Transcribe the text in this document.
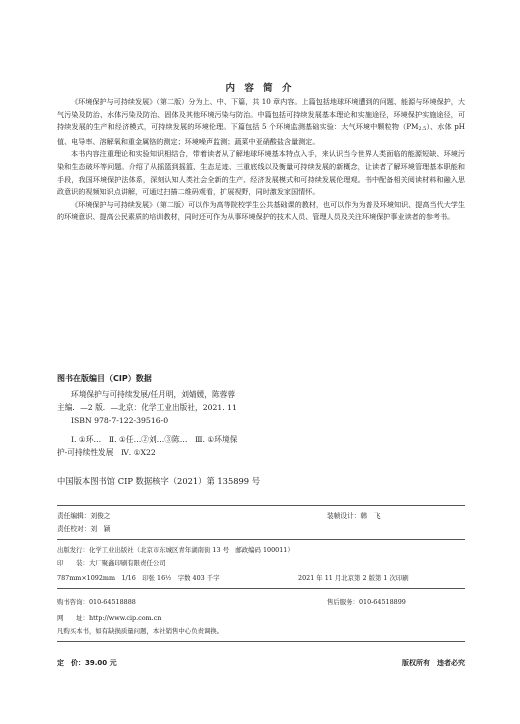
内 容 简 介

《环境保护与可持续发展》（第二版）分为上、中、下篇，共 10 章内容。上篇包括地球环境遭到的问题、能源与环境保护，大气污染及防治、水体污染及防治、固体及其他环境污染与防治。中篇包括可持续发展基本理论和实施途径，环境保护实施途径，可持续发展的生产和经济模式，可持续发展的环境伦理。下篇包括 5 个环境监测基础实验：大气环境中颗粒物$(PM_{2.5})$、水体 pH 值、电导率、溶解氧和重金属铬的测定；环境噪声监测；蔬菜中亚硝酸盐含量测定。

本书内容注重理论和实验知识相结合，带着读者从了解地球环境基本特点入手，来认识当今世界人类面临的能源短缺、环境污染和生态破坏等问题。介绍了从摇篮到摇篮、生态足迹、三重底线以及衡量可持续发展的新概念，让读者了解环境管理基本职能和手段，我国环境保护法体系，深刻认知人类社会全新的生产、经济发展模式和可持续发展伦理观。书中配备相关阅读材料和融入思政意识的视频知识点讲解，可通过扫描二维码观看，扩展视野，同时激发家国情怀。

《环境保护与可持续发展》（第二版）可以作为高等院校学生公共基础课的教材，也可以作为为普及环境知识、提高当代大学生的环境意识、提高公民素质的培训教材，同时还可作为从事环境保护的技术人员、管理人员及关注环境保护事业读者的参考书。

图书在版编目（CIP）数据
环境保护与可持续发展/任月明，刘婧媛，陈蓉蓉
主编．—2 版．—北京：化学工业出版社，2021. 11
ISBN 978-7-122-39516-0
Ⅰ. ①环…　Ⅱ. ①任…②刘…③陈…　Ⅲ. ①环境保
护-可持续性发展　Ⅳ. ①X22
中国版本图书馆 CIP 数据核字（2021）第 135899 号
责任编辑：刘俊之	装帧设计：韩　飞
责任校对：刘　颖
出版发行：化学工业出版社（北京市东城区青年湖南街 13 号　邮政编码 100011）
印　　装：大厂聚鑫印刷有限责任公司
787mm×1092mm　1/16　印张 16½　字数 403 千字	2021 年 11 月北京第 2 版第 1 次印刷
购书咨询：010-64518888	售后服务：010-64518899
网　　址：http://www.cip.com.cn
凡购买本书，如有缺损质量问题，本社销售中心负责调换。
定　价：39.00 元	版权所有　违者必究
